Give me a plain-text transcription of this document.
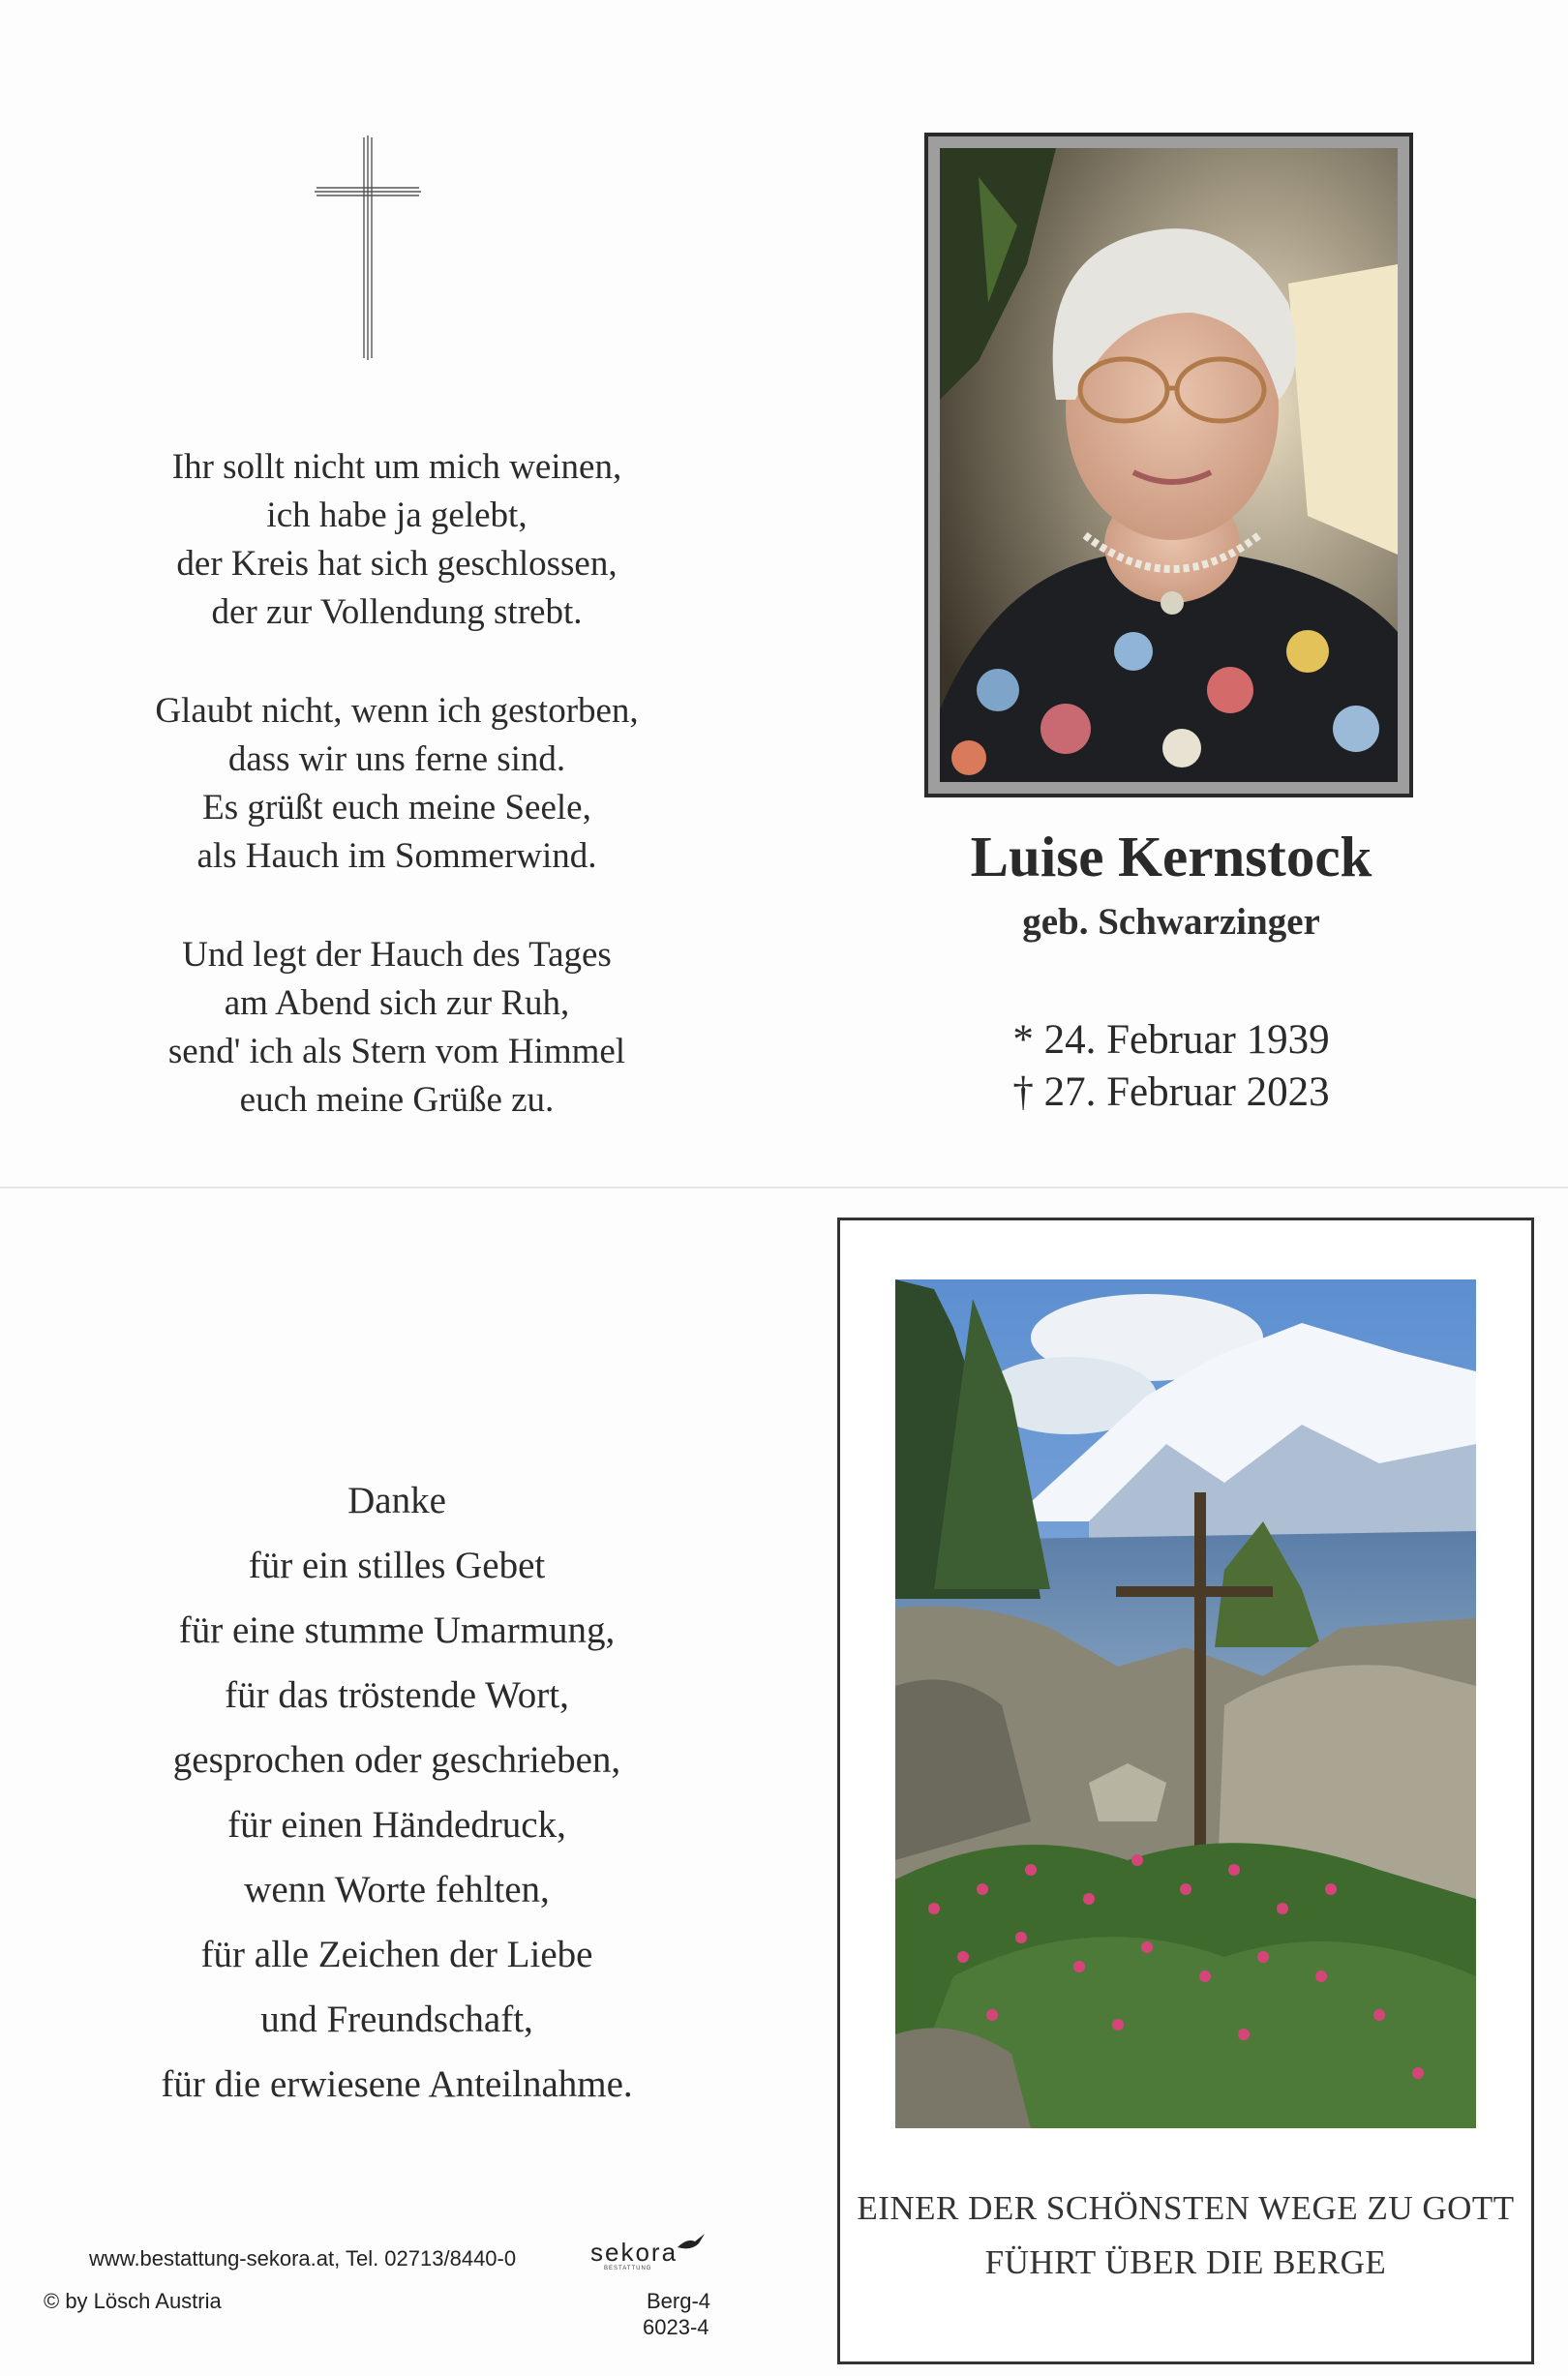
Ihr sollt nicht um mich weinen,
ich habe ja gelebt,
der Kreis hat sich geschlossen,
der zur Vollendung strebt.
Glaubt nicht, wenn ich gestorben,
dass wir uns ferne sind.
Es grüßt euch meine Seele,
als Hauch im Sommerwind.
Und legt der Hauch des Tages
am Abend sich zur Ruh,
send' ich als Stern vom Himmel
euch meine Grüße zu.
Luise Kernstock
geb. Schwarzinger
* 24. Februar 1939
† 27. Februar 2023
Danke
für ein stilles Gebet
für eine stumme Umarmung,
für das tröstende Wort,
gesprochen oder geschrieben,
für einen Händedruck,
wenn Worte fehlten,
für alle Zeichen der Liebe
und Freundschaft,
für die erwiesene Anteilnahme.
www.bestattung-sekora.at, Tel. 02713/8440-0	sekora
BESTATTUNG
© by Lösch Austria	Berg-4
6023-4
EINER DER SCHÖNSTEN WEGE ZU GOTT
FÜHRT ÜBER DIE BERGE
